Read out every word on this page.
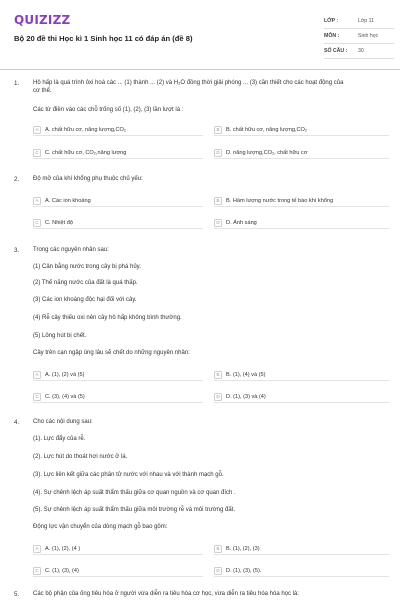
QUIZIZZ
Bộ 20 đề thi Học kì 1 Sinh học 11 có đáp án (đề 8)
LỚP :	Lớp 11
MÔN :	Sinh học
SỐ CÂU :	30
1. Hô hấp là quá trình ôxi hoá các ... (1) thành ... (2) và H₂O đồng thời giải phóng ... (3) cần thiết cho các hoạt động của
cơ thể.
Các từ điền vào các chỗ trống số (1), (2), (3) lần lượt là :
A	A. chất hữu cơ, năng lượng,CO₂	B	B. chất hữu cơ, năng lượng,CO₂
C	C. chất hữu cơ, CO₂,năng lượng	D	D. năng lượng,CO₂, chất hữu cơ
2. Độ mở của khí khổng phụ thuộc chủ yếu:
A	A. Các ion khoáng	B	B. Hàm lượng nước trong tế bào khí khổng
C	C. Nhiệt độ	D	D. Ánh sáng
3. Trong các nguyên nhân sau:
(1) Cân bằng nước trong cây bị phá hủy.
(2) Thế năng nước của đất là quá thấp.
(3) Các ion khoáng độc hại đối với cây.
(4) Rễ cây thiếu oxi nên cây hô hấp không bình thường.
(5) Lông hút bị chết.
Cây trên cạn ngập úng lâu sẽ chết do những nguyên nhân:
A	A. (1), (2) và (5)	B	B. (1), (4) và (5)
C	C. (3), (4) và (5)	D	D. (1), (3) và (4)
4. Cho các nội dung sau:
(1). Lực đẩy của rễ.
(2). Lực hút do thoát hơi nước ở lá.
(3). Lực liên kết giữa các phân tử nước với nhau và với thành mạch gỗ.
(4). Sự chênh lệch áp suất thẩm thấu giữa cơ quan nguồn và cơ quan đích .
(5). Sự chênh lệch áp suất thẩm thấu giữa môi trường rễ và môi trường đất.
Động lực vận chuyển của dòng mạch gỗ bao gồm:
A	A. (1), (2), (4 )	B	B. (1), (2), (3)
C	C. (1), (3), (4)	D	D. (1), (3), (5).
5. Các bộ phận của ống tiêu hóa ở người vừa diễn ra tiêu hóa cơ học, vừa diễn ra tiêu hóa hóa học là:
